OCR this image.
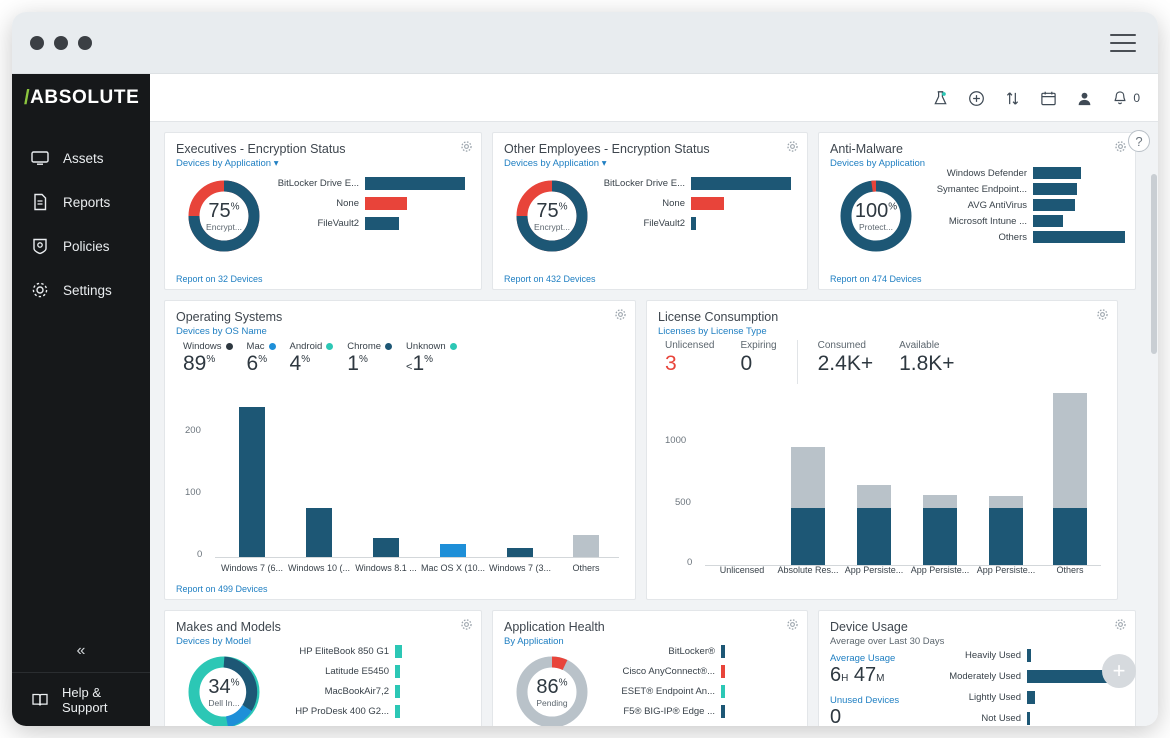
/ ABSOLUTE
Assets
Reports
Policies
Settings
«
Help & Support
0
?
+
Executives - Encryption Status
Devices by Application ▾
75%
Encrypt...
BitLocker Drive E...
None
FileVault2
Report on 32 Devices
Other Employees - Encryption Status
Devices by Application ▾
75%
Encrypt...
BitLocker Drive E...
None
FileVault2
Report on 432 Devices
Anti-Malware
Devices by Application
100%
Protect...
Windows Defender
Symantec Endpoint...
AVG AntiVirus
Microsoft Intune ...
Others
Report on 474 Devices
Operating Systems
Devices by OS Name
Windows
89%
Mac
6%
Android
4%
Chrome
1%
Unknown
<1%
200
100
0
Windows 7 (6... Windows 10 (... Windows 8.1 ... Mac OS X (10... Windows 7 (3...	Others
Report on 499 Devices
License Consumption
Licenses by License Type
Unlicensed
3
Expiring
0
Consumed
2.4K+
Available
1.8K+
1000
500
0
Unlicensed	Absolute Res... App Persiste... App Persiste... App Persiste...	Others
Makes and Models
Devices by Model
34%
Dell In...
HP EliteBook 850 G1
Latitude E5450
MacBookAir7,2
HP ProDesk 400 G2...
Application Health
By Application
86%
Pending
BitLocker®
Cisco AnyConnect®...
ESET® Endpoint An...
F5® BIG-IP® Edge ...
Device Usage
Average over Last 30 Days
Average Usage
6H 47M
Unused Devices
0
Heavily Used
Moderately Used
Lightly Used
Not Used
